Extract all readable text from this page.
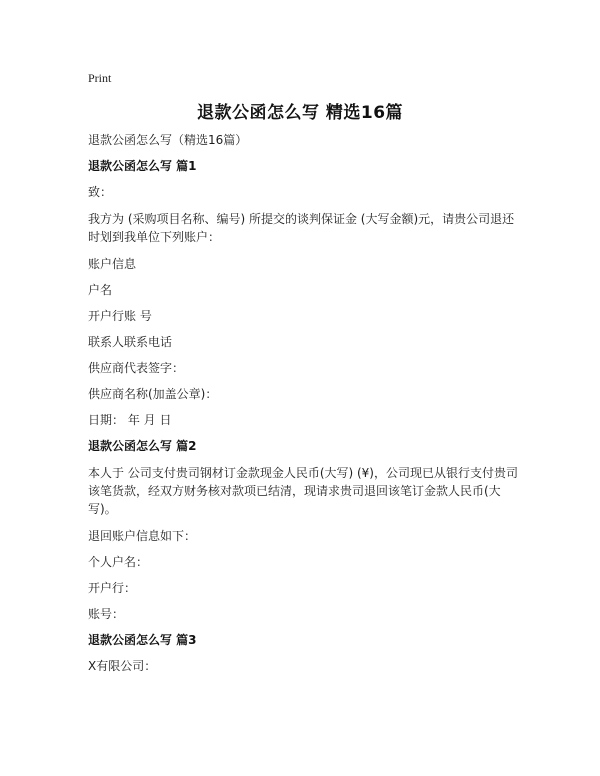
Print
退款公函怎么写 精选16篇

退款公函怎么写（精选16篇）

退款公函怎么写 篇1

致：

我方为 (采购项目名称、编号) 所提交的谈判保证金 (大写金额)元，请贵公司退还时划到我单位下列账户：

账户信息

户名

开户行账 号

联系人联系电话

供应商代表签字：

供应商名称(加盖公章)：

日期： 年 月 日

退款公函怎么写 篇2

本人于 公司支付贵司钢材订金款现金人民币(大写) (¥)，公司现已从银行支付贵司该笔货款，经双方财务核对款项已结清，现请求贵司退回该笔订金款人民币(大写)。

退回账户信息如下：

个人户名：

开户行：

账号：

退款公函怎么写 篇3

X有限公司：
